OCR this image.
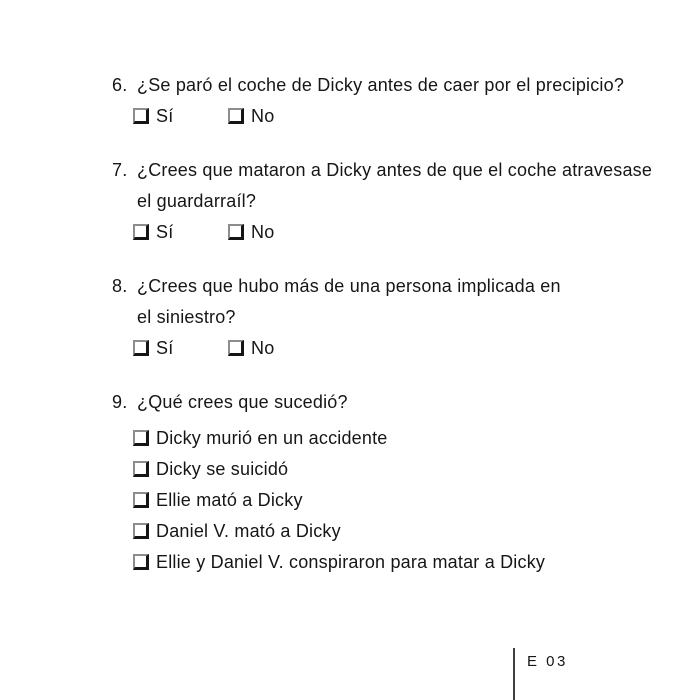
6. ¿Se paró el coche de Dicky antes de caer por el precipicio?
Sí	No
7. ¿Crees que mataron a Dicky antes de que el coche atravesase
el guardarraíl?
Sí	No
8. ¿Crees que hubo más de una persona implicada en
el siniestro?
Sí	No
9. ¿Qué crees que sucedió?
Dicky murió en un accidente
Dicky se suicidó
Ellie mató a Dicky
Daniel V. mató a Dicky
Ellie y Daniel V. conspiraron para matar a Dicky
E 03
